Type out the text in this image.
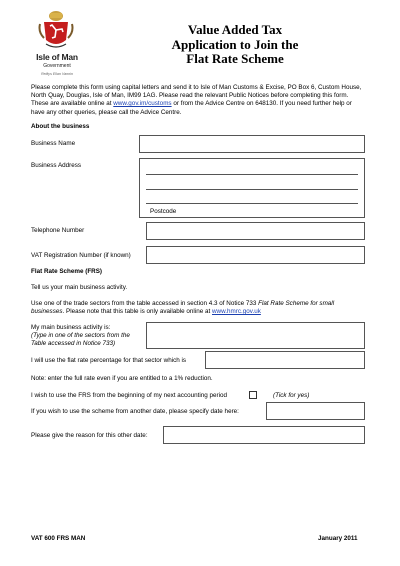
Isle of Man
Government
Reiltys Ellan Vannin
Value Added Tax
Application to Join the
Flat Rate Scheme
Please complete this form using capital letters and send it to Isle of Man Customs & Excise, PO Box 6, Custom House, North Quay, Douglas, Isle of Man, IM99 1AG. Please read the relevant Public Notices before completing this form. These are available online at www.gov.im/customs or from the Advice Centre on 648130. If you need further help or have any other queries, please call the Advice Centre.
About the business
Business Name
Business Address
Postcode
Telephone Number
VAT Registration Number (if known)
Flat Rate Scheme (FRS)
Tell us your main business activity.
Use one of the trade sectors from the table accessed in section 4.3 of Notice 733 Flat Rate Scheme for small businesses. Please note that this table is only available online at www.hmrc.gov.uk
My main business activity is:
(Type in one of the sectors from the Table accessed in Notice 733)
I will use the flat rate percentage for that sector which is
Note: enter the full rate even if you are entitled to a 1% reduction.
I wish to use the FRS from the beginning of my next accounting period	(Tick for yes)
If you wish to use the scheme from another date, please specify date here:
Please give the reason for this other date:
VAT 600 FRS MAN	January 2011
